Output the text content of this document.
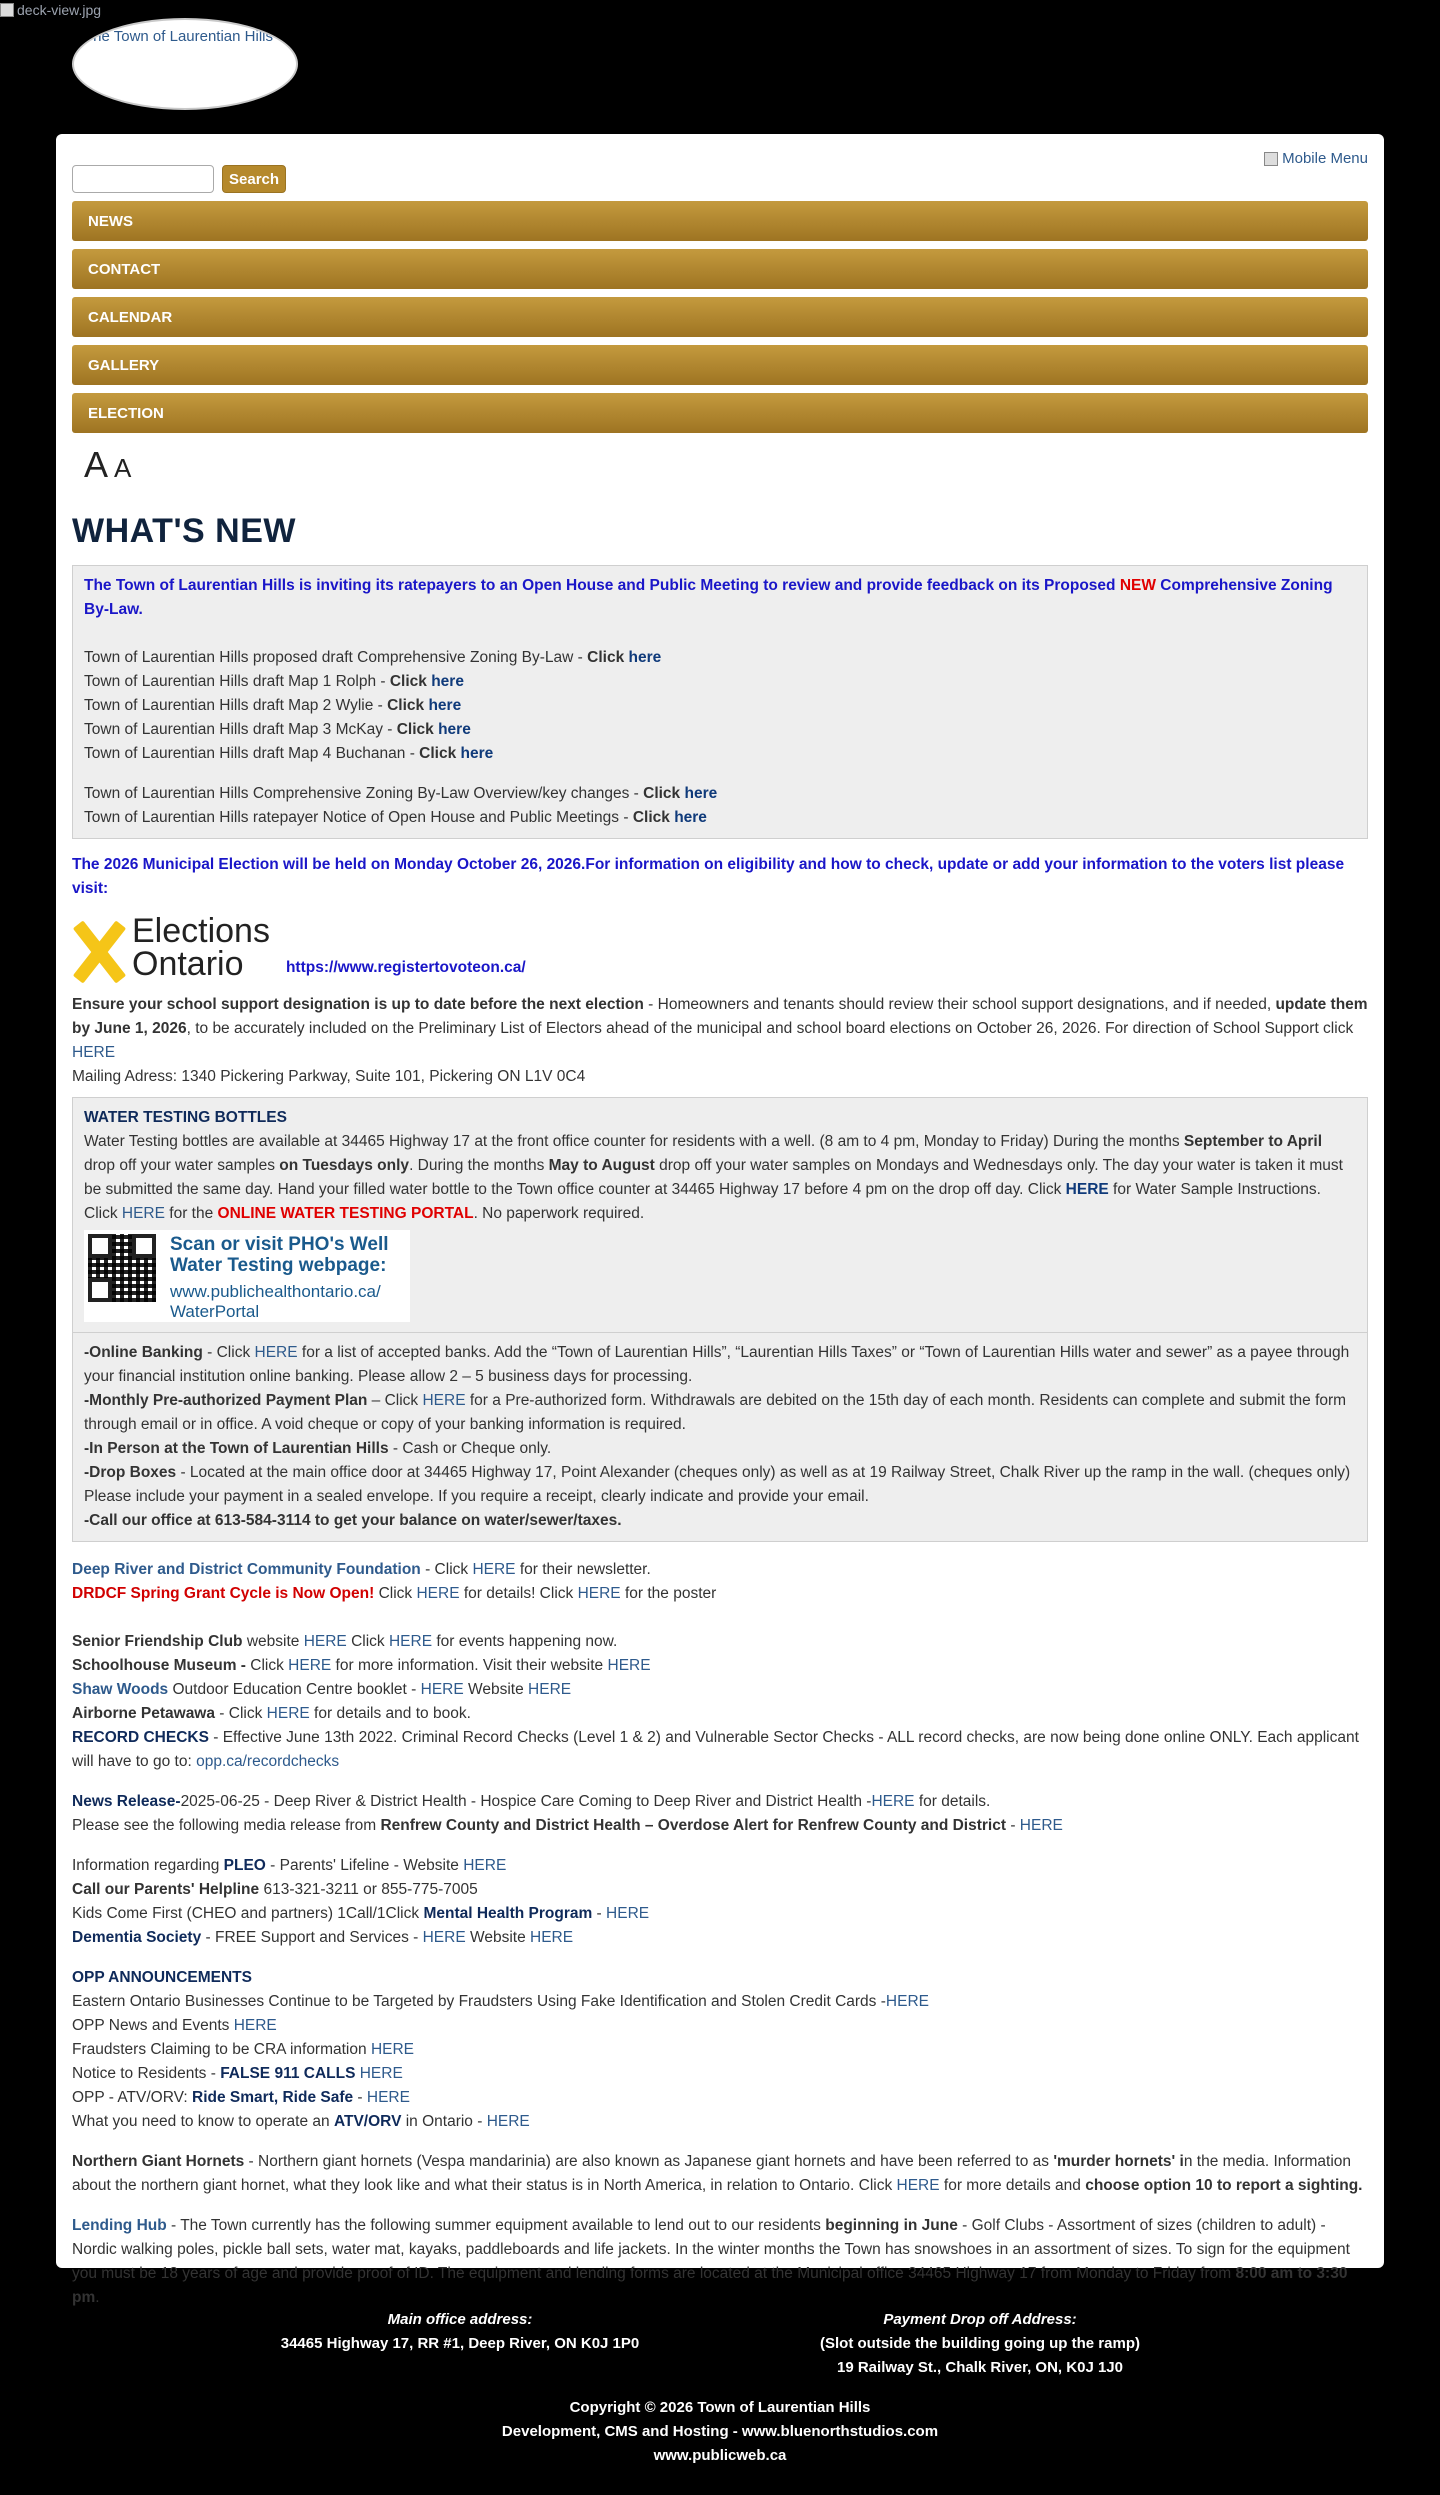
deck-view.jpg
The Town of Laurentian Hills
Mobile Menu
Search
NEWS
CONTACT
CALENDAR
GALLERY
ELECTION
A A
WHAT'S NEW

The Town of Laurentian Hills is inviting its ratepayers to an Open House and Public Meeting to review and provide feedback on its Proposed NEW Comprehensive Zoning By-Law.

Town of Laurentian Hills proposed draft Comprehensive Zoning By-Law - Click here

Town of Laurentian Hills draft Map 1 Rolph - Click here

Town of Laurentian Hills draft Map 2 Wylie - Click here

Town of Laurentian Hills draft Map 3 McKay - Click here

Town of Laurentian Hills draft Map 4 Buchanan - Click here

Town of Laurentian Hills Comprehensive Zoning By-Law Overview/key changes - Click here

Town of Laurentian Hills ratepayer Notice of Open House and Public Meetings - Click here

The 2026 Municipal Election will be held on Monday October 26, 2026.For information on eligibility and how to check, update or add your information to the voters list please visit:

Elections
Ontario	https://www.registertovoteon.ca/

Ensure your school support designation is up to date before the next election - Homeowners and tenants should review their school support designations, and if needed, update them by June 1, 2026, to be accurately included on the Preliminary List of Electors ahead of the municipal and school board elections on October 26, 2026. For direction of School Support click HERE

Mailing Adress: 1340 Pickering Parkway, Suite 101, Pickering ON L1V 0C4

WATER TESTING BOTTLES

Water Testing bottles are available at 34465 Highway 17 at the front office counter for residents with a well. (8 am to 4 pm, Monday to Friday) During the months September to April drop off your water samples on Tuesdays only. During the months May to August drop off your water samples on Mondays and Wednesdays only. The day your water is taken it must be submitted the same day. Hand your filled water bottle to the Town office counter at 34465 Highway 17 before 4 pm on the drop off day. Click HERE for Water Sample Instructions. Click HERE for the ONLINE WATER TESTING PORTAL. No paperwork required.

Scan or visit PHO's Well
Water Testing webpage:
www.publichealthontario.ca/
WaterPortal

-Online Banking - Click HERE for a list of accepted banks. Add the “Town of Laurentian Hills”, “Laurentian Hills Taxes” or “Town of Laurentian Hills water and sewer” as a payee through your financial institution online banking. Please allow 2 – 5 business days for processing.

-Monthly Pre-authorized Payment Plan – Click HERE for a Pre-authorized form. Withdrawals are debited on the 15th day of each month. Residents can complete and submit the form through email or in office. A void cheque or copy of your banking information is required.

-In Person at the Town of Laurentian Hills - Cash or Cheque only.

-Drop Boxes - Located at the main office door at 34465 Highway 17, Point Alexander (cheques only) as well as at 19 Railway Street, Chalk River up the ramp in the wall. (cheques only) Please include your payment in a sealed envelope. If you require a receipt, clearly indicate and provide your email.

-Call our office at 613-584-3114 to get your balance on water/sewer/taxes.

Deep River and District Community Foundation - Click HERE for their newsletter.

DRDCF Spring Grant Cycle is Now Open! Click HERE for details! Click HERE for the poster

Senior Friendship Club website HERE Click HERE for events happening now.

Schoolhouse Museum - Click HERE for more information. Visit their website HERE

Shaw Woods Outdoor Education Centre booklet - HERE Website HERE

Airborne Petawawa - Click HERE for details and to book.

RECORD CHECKS - Effective June 13th 2022. Criminal Record Checks (Level 1 & 2) and Vulnerable Sector Checks - ALL record checks, are now being done online ONLY. Each applicant will have to go to: opp.ca/recordchecks

News Release-2025-06-25 - Deep River & District Health - Hospice Care Coming to Deep River and District Health -HERE for details.

Please see the following media release from Renfrew County and District Health – Overdose Alert for Renfrew County and District - HERE

Information regarding PLEO - Parents' Lifeline - Website HERE

Call our Parents' Helpline 613-321-3211 or 855-775-7005

Kids Come First (CHEO and partners) 1Call/1Click Mental Health Program - HERE

Dementia Society - FREE Support and Services - HERE Website HERE

OPP ANNOUNCEMENTS

Eastern Ontario Businesses Continue to be Targeted by Fraudsters Using Fake Identification and Stolen Credit Cards -HERE

OPP News and Events HERE

Fraudsters Claiming to be CRA information HERE

Notice to Residents - FALSE 911 CALLS HERE

OPP - ATV/ORV: Ride Smart, Ride Safe - HERE

What you need to know to operate an ATV/ORV in Ontario - HERE

Northern Giant Hornets - Northern giant hornets (Vespa mandarinia) are also known as Japanese giant hornets and have been referred to as 'murder hornets' in the media. Information about the northern giant hornet, what they look like and what their status is in North America, in relation to Ontario. Click HERE for more details and choose option 10 to report a sighting.

Lending Hub - The Town currently has the following summer equipment available to lend out to our residents beginning in June - Golf Clubs - Assortment of sizes (children to adult) - Nordic walking poles, pickle ball sets, water mat, kayaks, paddleboards and life jackets. In the winter months the Town has snowshoes in an assortment of sizes. To sign for the equipment you must be 18 years of age and provide proof of ID. The equipment and lending forms are located at the Municipal office 34465 Highway 17 from Monday to Friday from 8:00 am to 3:30 pm.

Main office address:
34465 Highway 17, RR #1, Deep River, ON K0J 1P0
Payment Drop off Address:
(Slot outside the building going up the ramp)
19 Railway St., Chalk River, ON, K0J 1J0
Copyright © 2026 Town of Laurentian Hills
Development, CMS and Hosting - www.bluenorthstudios.com
www.publicweb.ca
